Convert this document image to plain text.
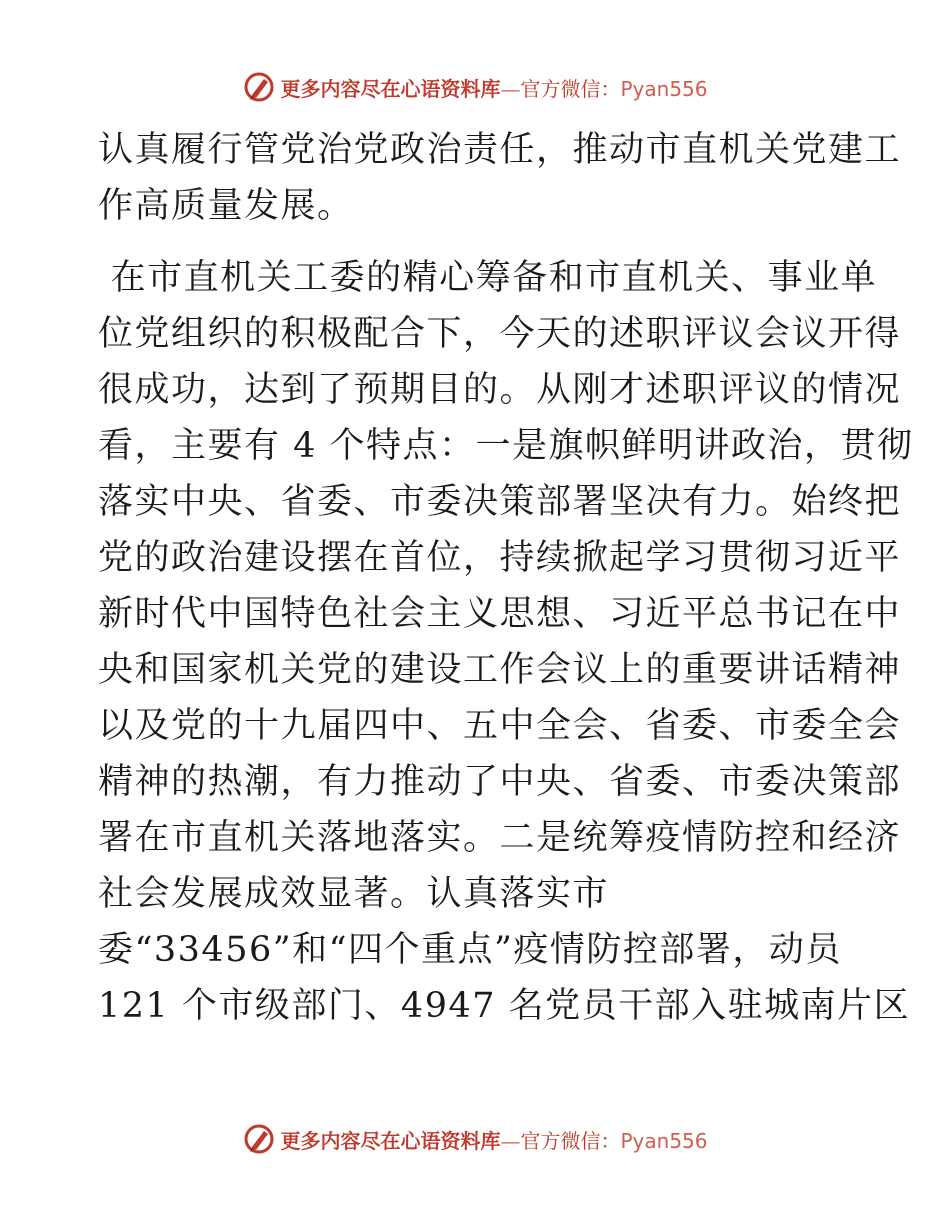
更多内容尽在心语资料库—官方微信：Pyan556
认真履行管党治党政治责任，推动市直机关党建工
作高质量发展。
在市直机关工委的精心筹备和市直机关、事业单
位党组织的积极配合下，今天的述职评议会议开得
很成功，达到了预期目的。从刚才述职评议的情况
看，主要有 4 个特点：一是旗帜鲜明讲政治，贯彻
落实中央、省委、市委决策部署坚决有力。始终把
党的政治建设摆在首位，持续掀起学习贯彻习近平
新时代中国特色社会主义思想、习近平总书记在中
央和国家机关党的建设工作会议上的重要讲话精神
以及党的十九届四中、五中全会、省委、市委全会
精神的热潮，有力推动了中央、省委、市委决策部
署在市直机关落地落实。二是统筹疫情防控和经济
社会发展成效显著。认真落实市
委“33456”和“四个重点”疫情防控部署，动员
121 个市级部门、4947 名党员干部入驻城南片区
更多内容尽在心语资料库—官方微信：Pyan556
